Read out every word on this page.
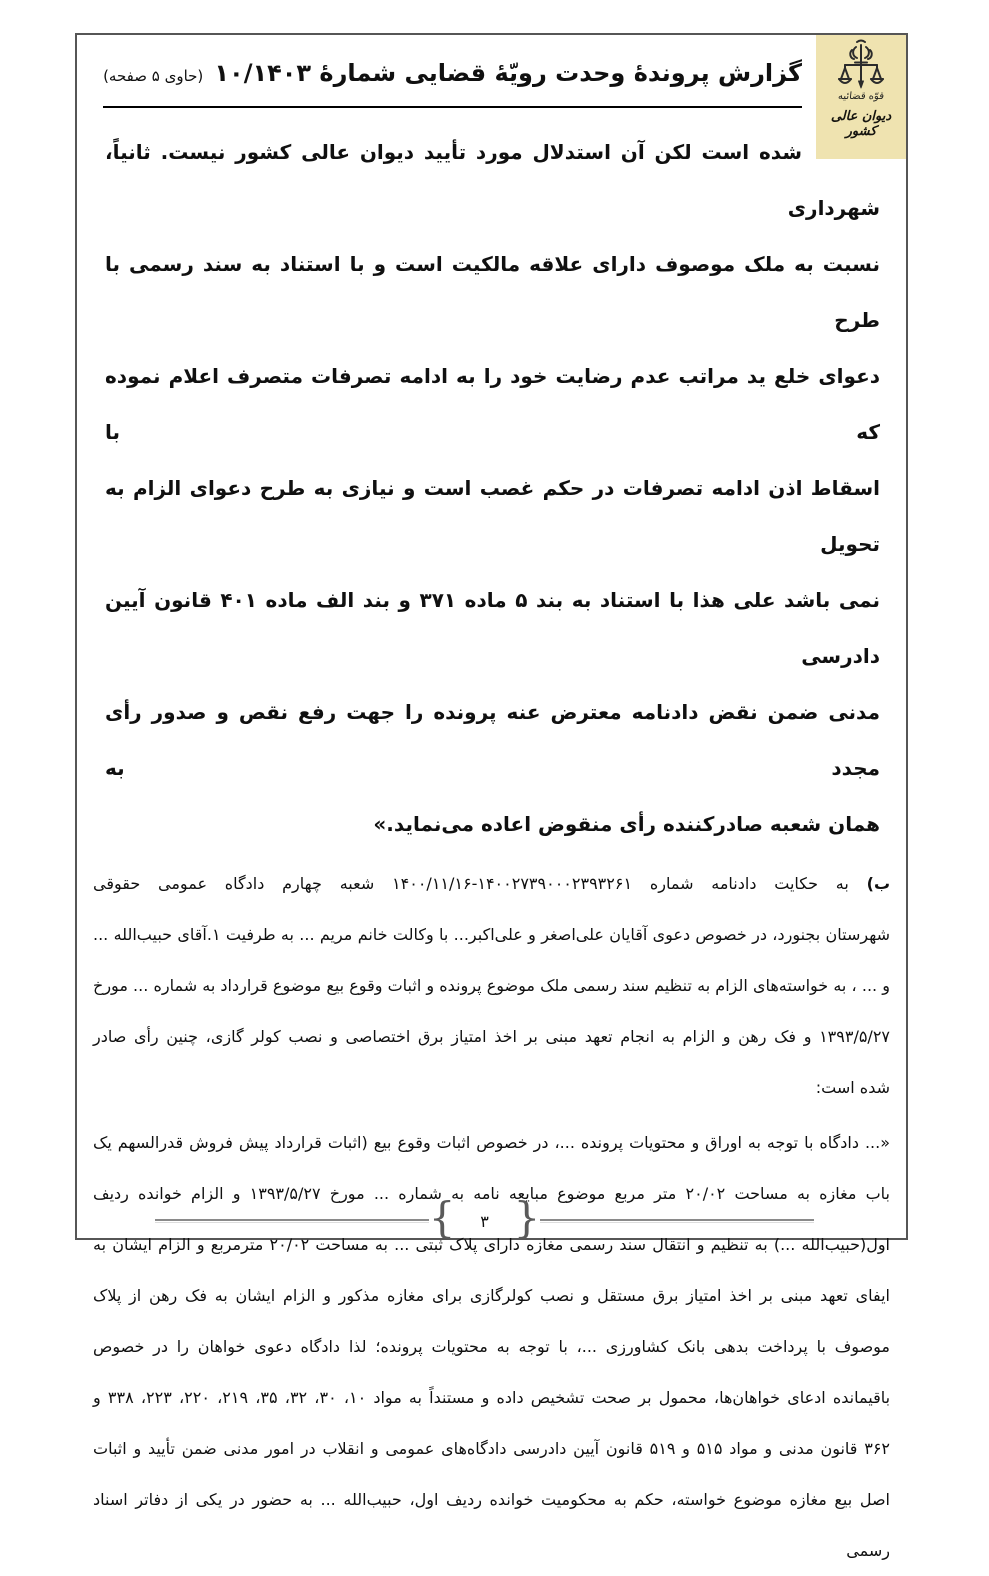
قوّه قضائیه
دیوان عالی کشور
گزارش پروندهٔ وحدت رویّهٔ قضایی شمارهٔ ۱۰/۱۴۰۳ (حاوی ۵ صفحه)

شده است لکن آن استدلال مورد تأیید دیوان عالی کشور نیست. ثانیاً، شهرداری
نسبت به ملک موصوف دارای علاقه مالکیت است و با استناد به سند رسمی با طرح
دعوای خلع ید مراتب عدم رضایت خود را به ادامه تصرفات متصرف اعلام نموده که با
اسقاط اذن ادامه تصرفات در حکم غصب است و نیازی به طرح دعوای الزام به تحویل
نمی باشد علی هذا با استناد به بند ۵ ماده ۳۷۱ و بند الف ماده ۴۰۱ قانون آیین دادرسی
مدنی ضمن نقض دادنامه معترض عنه پرونده را جهت رفع نقص و صدور رأی مجدد به
همان شعبه صادرکننده رأی منقوض اعاده می‌نماید.»

ب) به حکایت دادنامه شماره ۱۴۰۰۲۷۳۹۰۰۰۲۳۹۳۲۶۱-۱۴۰۰/۱۱/۱۶ شعبه چهارم دادگاه عمومی حقوقی
شهرستان بجنورد، در خصوص دعوی آقایان علی‌اصغر و علی‌اکبر... با وکالت خانم مریم ... به طرفیت ۱.آقای حبیب‌الله ...
و ... ، به خواسته‌های الزام به تنظیم سند رسمی ملک موضوع پرونده و اثبات وقوع بیع موضوع قرارداد به شماره ... مورخ
۱۳۹۳/۵/۲۷ و فک رهن و الزام به انجام تعهد مبنی بر اخذ امتیاز برق اختصاصی و نصب کولر گازی، چنین رأی صادر
شده است:

«... دادگاه با توجه به اوراق و محتویات پرونده ...، در خصوص اثبات وقوع بیع (اثبات قرارداد پیش فروش قدرالسهم یک
باب مغازه به مساحت ۲۰/۰۲ متر مربع موضوع مبایعه نامه به شماره ... مورخ ۱۳۹۳/۵/۲۷ و الزام خوانده ردیف
اول(حبیب‌الله ...) به تنظیم و انتقال سند رسمی مغازه دارای پلاک ثبتی ... به مساحت ۲۰/۰۲ مترمربع و الزام ایشان به
ایفای تعهد مبنی بر اخذ امتیاز برق مستقل و نصب کولرگازی برای مغازه مذکور و الزام ایشان به فک رهن از پلاک
موصوف با پرداخت بدهی بانک کشاورزی ...، با توجه به محتویات پرونده؛ لذا دادگاه دعوی خواهان را در خصوص
باقیمانده ادعای خواهان‌ها، محمول بر صحت تشخیص داده و مستنداً به مواد ۱۰، ۳۰، ۳۲، ۳۵، ۲۱۹، ۲۲۰، ۲۲۳، ۳۳۸ و
۳۶۲ قانون مدنی و مواد ۵۱۵ و ۵۱۹ قانون آیین دادرسی دادگاه‌های عمومی و انقلاب در امور مدنی ضمن تأیید و اثبات
اصل بیع مغازه موضوع خواسته، حکم به محکومیت خوانده ردیف اول، حبیب‌الله ... به حضور در یکی از دفاتر اسناد رسمی

{	۳ }
